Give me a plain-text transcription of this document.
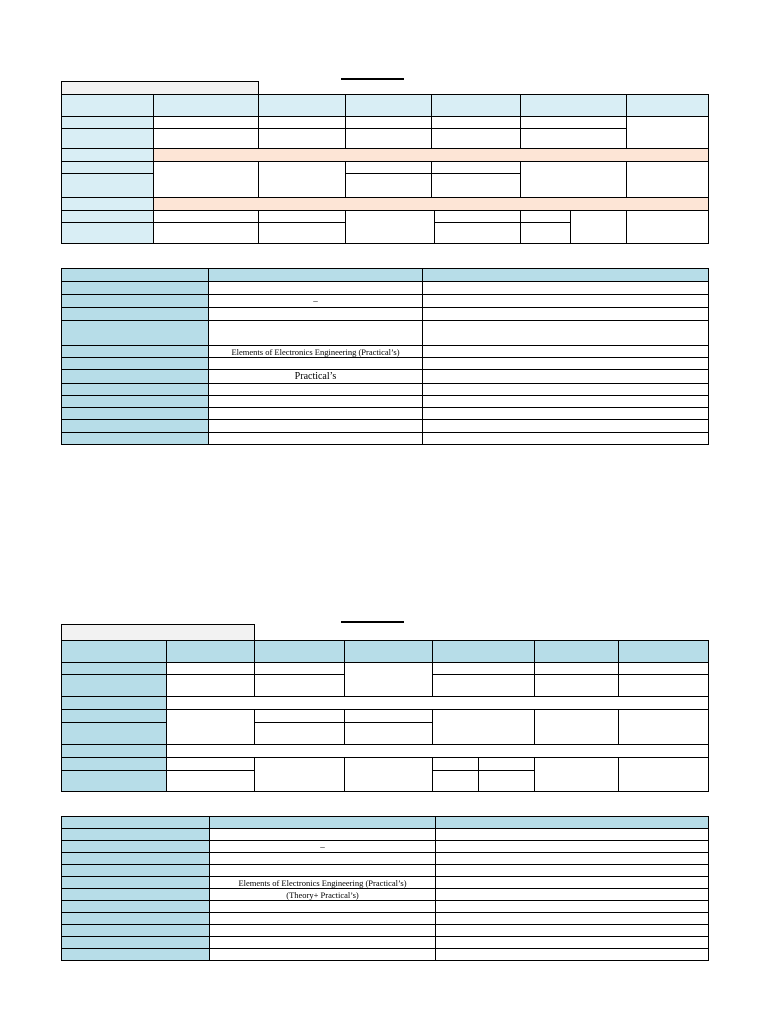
	–	

	Elements of Electronics Engineering (Practical’s)	

	Practical’s	

	–	

	Elements of Electronics Engineering (Practical’s)	
	(Theory+ Practical’s)	
